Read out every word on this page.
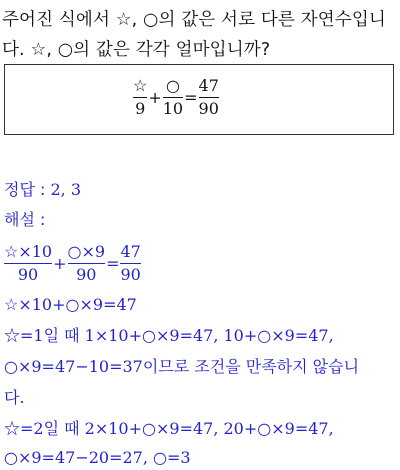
주어진 식에서 ☆, ○의 값은 서로 다른 자연수입니
다. ☆, ○의 값은 각각 얼마입니까?
$\frac{☆}{9} + \frac{○}{10} = \frac{47}{90}$
정답 : 2, 3
해설 :
$\frac{☆\times 10}{90} + \frac{○\times 9}{90} = \frac{47}{90}$
☆×10+○×9=47
☆=1일 때 1×10+○×9=47, 10+○×9=47,
○×9=47−10=37이므로 조건을 만족하지 않습니
다.
☆=2일 때 2×10+○×9=47, 20+○×9=47,
○×9=47−20=27, ○=3
